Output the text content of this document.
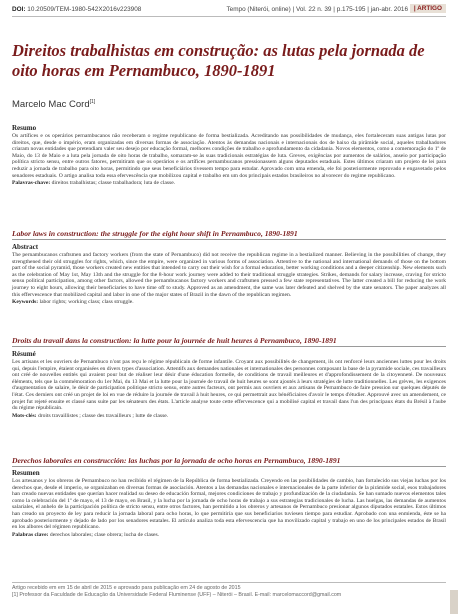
DOI: 10.20509/TEM-1980-542X2016v223908	Tempo (Niterói, online) | Vol. 22 n. 39 | p.175-195 | jan-abr. 2016 | ARTIGO
Direitos trabalhistas em construção: as lutas pela jornada de oito horas em Pernambuco, 1890-1891
Marcelo Mac Cord[1]

Resumo

Os artífices e os operários pernambucanos não receberam o regime republicano de forma bestializada. Acreditando nas possibilidades de mudança, eles fortaleceram suas antigas lutas por direitos, que, desde o império, eram organizadas em diversas formas de associação. Atentos às demandas nacionais e internacionais dos de baixo da pirâmide social, aqueles trabalhadores criaram novas entidades que pretendiam valer seu desejo por educação formal, melhores condições de trabalho e aprofundamento da cidadania. Novos elementos, como a comemoração do 1º de Maio, do 13 de Maio e a luta pela jornada de oito horas de trabalho, somaram-se às suas tradicionais estratégias de luta. Greves, exigências por aumentos de salários, anseio por participação política stricto sensu, entre outros fatores, permitiram que os operários e os artífices pernambucanos pressionassem alguns deputados estaduais. Estes últimos criaram um projeto de lei para reduzir a jornada de trabalho para oito horas, permitindo que seus beneficiários tivessem tempo para estudar. Aprovado com uma emenda, ele foi posteriormente reprovado e engavetado pelos senadores estaduais. O artigo analisa toda essa efervescência que mobilizou capital e trabalho em um dos principais estados brasileiros no alvorecer do regime republicano.

Palavras-chave: direitos trabalhistas; classe trabalhadora; luta de classe.

Labor laws in construction: the struggle for the eight hour shift in Pernambuco, 1890-1891

Abstract

The pernambucanos craftsmen and factory workers (from the state of Pernambuco) did not receive the republican regime in a bestialized manner. Believing in the possibilities of change, they strengthened their old struggles for rights, which, since the empire, were organized in various forms of association. Attentive to the national and international demands of those on the bottom part of the social pyramid, those workers created new entities that intended to carry out their wish for a formal education, better working conditions and a deeper citizenship. New elements such as the celebration of May 1st, May 13th and the struggle for the 8-hour work journey were added to their traditional struggle strategies. Strikes, demands for salary increase, craving for stricto sensu political participation, among other factors, allowed the pernambucanos factory workers and craftsmen pressed a few state representatives. The latter created a bill for reducing the work journey to eight hours, allowing their beneficiaries to have time off to study. Approved as an amendment, the same was later defeated and shelved by the state senators. The paper analyzes all this effervescence that mobilized capital and labor in one of the major states of Brazil in the dawn of the republican regimen.

Keywords: labor rights; working class; class struggle.

Droits du travail dans la construction: la lutte pour la journée de huit heures à Pernambuco, 1890-1891

Résumé

Les artisans et les ouvriers de Pernambuco n'ont pas reçu le régime républicain de forme infantile. Croyant aux possibilités de changement, ils ont renforcé leurs anciennes luttes pour les droits qui, depuis l'empire, étaient organisées en divers types d'association. Attentifs aux demandes nationales et internationales des personnes composant la base de la pyramide sociale, ces travailleurs ont créé de nouvelles entités qui avaient pour but de réaliser leur désir d'une éducation formelle, de conditions de travail meilleures et d'approfondissement de la citoyenneté. De nouveaux éléments, tels que la commémoration du 1er Mai, du 13 Mai et la lutte pour la journée de travail de huit heures se sont ajoutés à leurs stratégies de lutte traditionnelles. Les grèves, les exigences d'augmentation de salaire, le désir de participation politique stricto sensu, entre autres facteurs, ont permis aux ouvriers et aux artisans de Pernambuco de faire pression sur quelques députés de l'état. Ces derniers ont créé un projet de loi en vue de réduire la journée de travail à huit heures, ce qui permettrait aux bénéficiaires d'avoir le temps d'étudier. Approuvé avec un amendement, ce projet fut rejeté ensuite et classé sans suite par les sénateurs des états. L'article analyse toute cette effervescence qui a mobilisé capital et travail dans l'un des principaux états du Brésil à l'aube du régime républicain.

Mots-clés: droits travaillistes ; classe des travailleurs ; lutte de classe.

Derechos laborales en construcción: las luchas por la jornada de ocho horas en Pernambuco, 1890-1891

Resumen

Los artesanos y los obreros de Pernambuco no han recibido el régimen de la República de forma bestializada. Creyendo en las posibilidades de cambio, han fortalecido sus viejas luchas por los derechos que, desde el imperio, se organizaban en diversas formas de asociación. Atentos a las demandas nacionales e internacionales de la parte inferior de la pirámide social, esos trabajadores han creado nuevas entidades que querían hacer realidad su deseo de educación formal, mejores condiciones de trabajo y profundización de la ciudadanía. Se han sumado nuevos elementos tales como la celebración del 1º de mayo, el 13 de mayo, en Brasil, y la lucha por la jornada de ocho horas de trabajo a sus estrategias tradicionales de lucha. Las huelgas, las demandas de aumentos salariales, el anhelo de la participación política de stricto sensu, entre otros factores, han permitido a los obreros y artesanos de Pernambuco presionar algunos diputados estatales. Estos últimos han creado un proyecto de ley para reducir la jornada laboral para ocho horas, lo que permitiría que sus beneficiarios tuviesen tiempo para estudiar. Aprobado con una enmienda, éste se ha aprobado posteriormente y dejado de lado por los senadores estatales. El artículo analiza toda esta efervescencia que ha movilizado capital y trabajo en uno de los principales estados de Brasil en los albores del régimen republicano.

Palabras clave: derechos laborales; clase obrera; lucha de clases.

Artigo recebido em em 15 de abril de 2015 e aprovado para publicação em 24 de agosto de 2015
[1] Professor da Faculdade de Educação da Universidade Federal Fluminense (UFF) – Niterói – Brasil. E-mail: marcelomaccord@gmail.com
